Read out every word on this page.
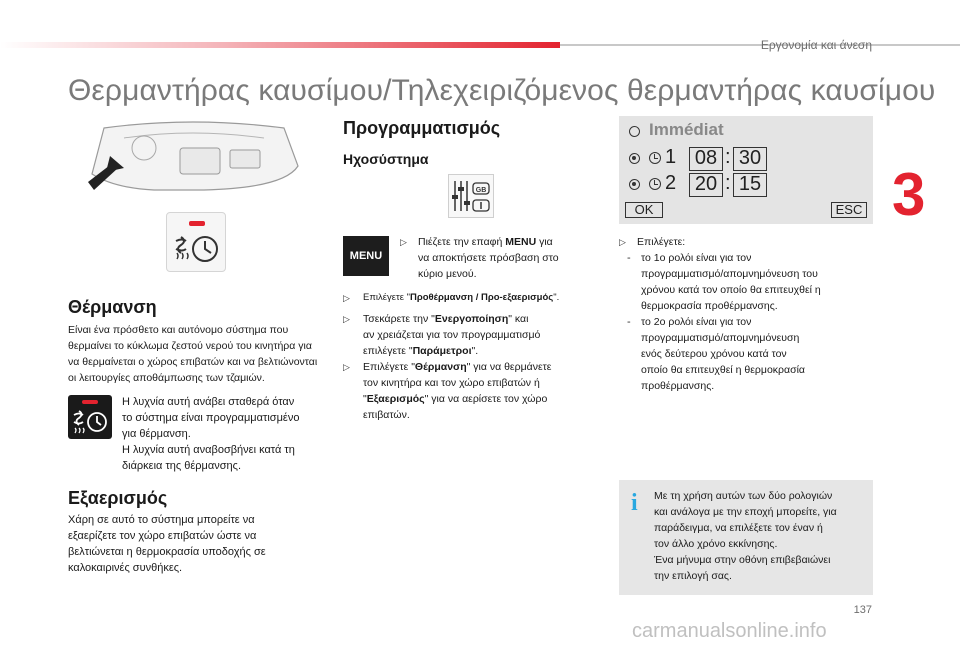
Εργονομία και άνεση
Θερμαντήρας καυσίμου/Τηλεχειριζόμενος θερμαντήρας καυσίμου
3
Θέρμανση
Είναι ένα πρόσθετο και αυτόνομο σύστημα που
θερμαίνει το κύκλωμα ζεστού νερού του κινητήρα για
να θερμαίνεται ο χώρος επιβατών και να βελτιώνονται
οι λειτουργίες αποθάμπωσης των τζαμιών.
Η λυχνία αυτή ανάβει σταθερά όταν
το σύστημα είναι προγραμματισμένο
για θέρμανση.
Η λυχνία αυτή αναβοσβήνει κατά τη
διάρκεια της θέρμανσης.
Εξαερισμός
Χάρη σε αυτό το σύστημα μπορείτε να
εξαερίζετε τον χώρο επιβατών ώστε να
βελτιώνεται η θερμοκρασία υποδοχής σε
καλοκαιρινές συνθήκες.
Προγραμματισμός
Ηχοσύστημα
GB
MENU
▷	Πιέζετε την επαφή MENU για
να αποκτήσετε πρόσβαση στο
κύριο μενού.
▷	Επιλέγετε "Προθέρμανση / Προ-εξαερισμός".
▷	Τσεκάρετε την "Ενεργοποίηση" και
αν χρειάζεται για τον προγραμματισμό
επιλέγετε "Παράμετροι".
▷	Επιλέγετε "Θέρμανση" για να θερμάνετε
τον κινητήρα και τον χώρο επιβατών ή
"Εξαερισμός" για να αερίσετε τον χώρο
επιβατών.
Immédiat
1 08 : 30
2 20 : 15
OK	ESC
▷	Επιλέγετε:
- το 1ο ρολόι είναι για τον
προγραμματισμό/απομνημόνευση του
χρόνου κατά τον οποίο θα επιτευχθεί η
θερμοκρασία προθέρμανσης.
- το 2ο ρολόι είναι για τον
προγραμματισμό/απομνημόνευση
ενός δεύτερου χρόνου κατά τον
οποίο θα επιτευχθεί η θερμοκρασία
προθέρμανσης.
i Με τη χρήση αυτών των δύο ρολογιών
και ανάλογα με την εποχή μπορείτε, για
παράδειγμα, να επιλέξετε τον έναν ή
τον άλλο χρόνο εκκίνησης.
Ένα μήνυμα στην οθόνη επιβεβαιώνει
την επιλογή σας.
137
carmanualsonline.info
